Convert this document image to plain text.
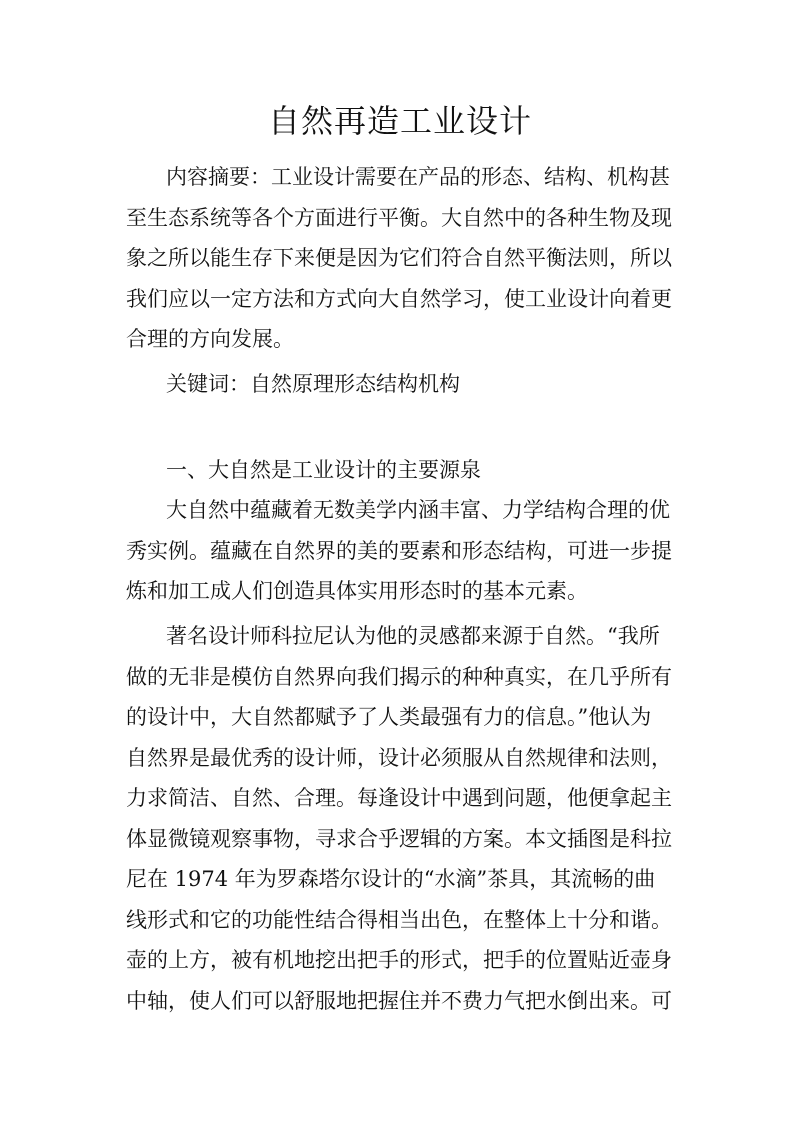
自然再造工业设计
内容摘要：工业设计需要在产品的形态、结构、机构甚
至生态系统等各个方面进行平衡。大自然中的各种生物及现
象之所以能生存下来便是因为它们符合自然平衡法则，所以
我们应以一定方法和方式向大自然学习，使工业设计向着更
合理的方向发展。
关键词：自然原理形态结构机构
一、大自然是工业设计的主要源泉
大自然中蕴藏着无数美学内涵丰富、力学结构合理的优
秀实例。蕴藏在自然界的美的要素和形态结构，可进一步提
炼和加工成人们创造具体实用形态时的基本元素。
著名设计师科拉尼认为他的灵感都来源于自然。“我所
做的无非是模仿自然界向我们揭示的种种真实，在几乎所有
的设计中，大自然都赋予了人类最强有力的信息。”他认为
自然界是最优秀的设计师，设计必须服从自然规律和法则，
力求简洁、自然、合理。每逢设计中遇到问题，他便拿起主
体显微镜观察事物，寻求合乎逻辑的方案。本文插图是科拉
尼在 1974 年为罗森塔尔设计的“水滴”茶具，其流畅的曲
线形式和它的功能性结合得相当出色，在整体上十分和谐。
壶的上方，被有机地挖出把手的形式，把手的位置贴近壶身
中轴，使人们可以舒服地把握住并不费力气把水倒出来。可
